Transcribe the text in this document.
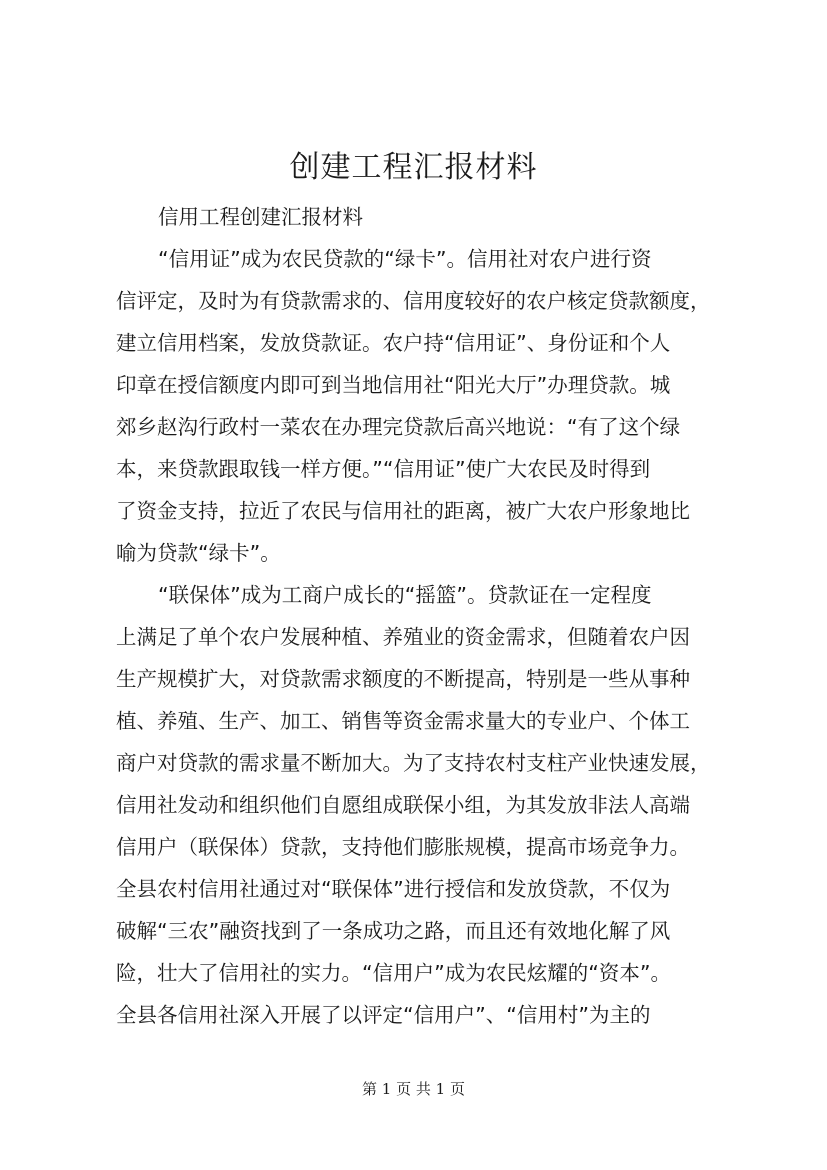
创建工程汇报材料
信用工程创建汇报材料
“信用证”成为农民贷款的“绿卡”。信用社对农户进行资
信评定，及时为有贷款需求的、信用度较好的农户核定贷款额度，
建立信用档案，发放贷款证。农户持“信用证”、身份证和个人
印章在授信额度内即可到当地信用社“阳光大厅”办理贷款。城
郊乡赵沟行政村一菜农在办理完贷款后高兴地说：“有了这个绿
本，来贷款跟取钱一样方便。”“信用证”使广大农民及时得到
了资金支持，拉近了农民与信用社的距离，被广大农户形象地比
喻为贷款“绿卡”。
“联保体”成为工商户成长的“摇篮”。贷款证在一定程度
上满足了单个农户发展种植、养殖业的资金需求，但随着农户因
生产规模扩大，对贷款需求额度的不断提高，特别是一些从事种
植、养殖、生产、加工、销售等资金需求量大的专业户、个体工
商户对贷款的需求量不断加大。为了支持农村支柱产业快速发展，
信用社发动和组织他们自愿组成联保小组，为其发放非法人高端
信用户（联保体）贷款，支持他们膨胀规模，提高市场竞争力。
全县农村信用社通过对“联保体”进行授信和发放贷款，不仅为
破解“三农”融资找到了一条成功之路，而且还有效地化解了风
险，壮大了信用社的实力。“信用户”成为农民炫耀的“资本”。
全县各信用社深入开展了以评定“信用户”、“信用村”为主的
第 1 页 共 1 页
